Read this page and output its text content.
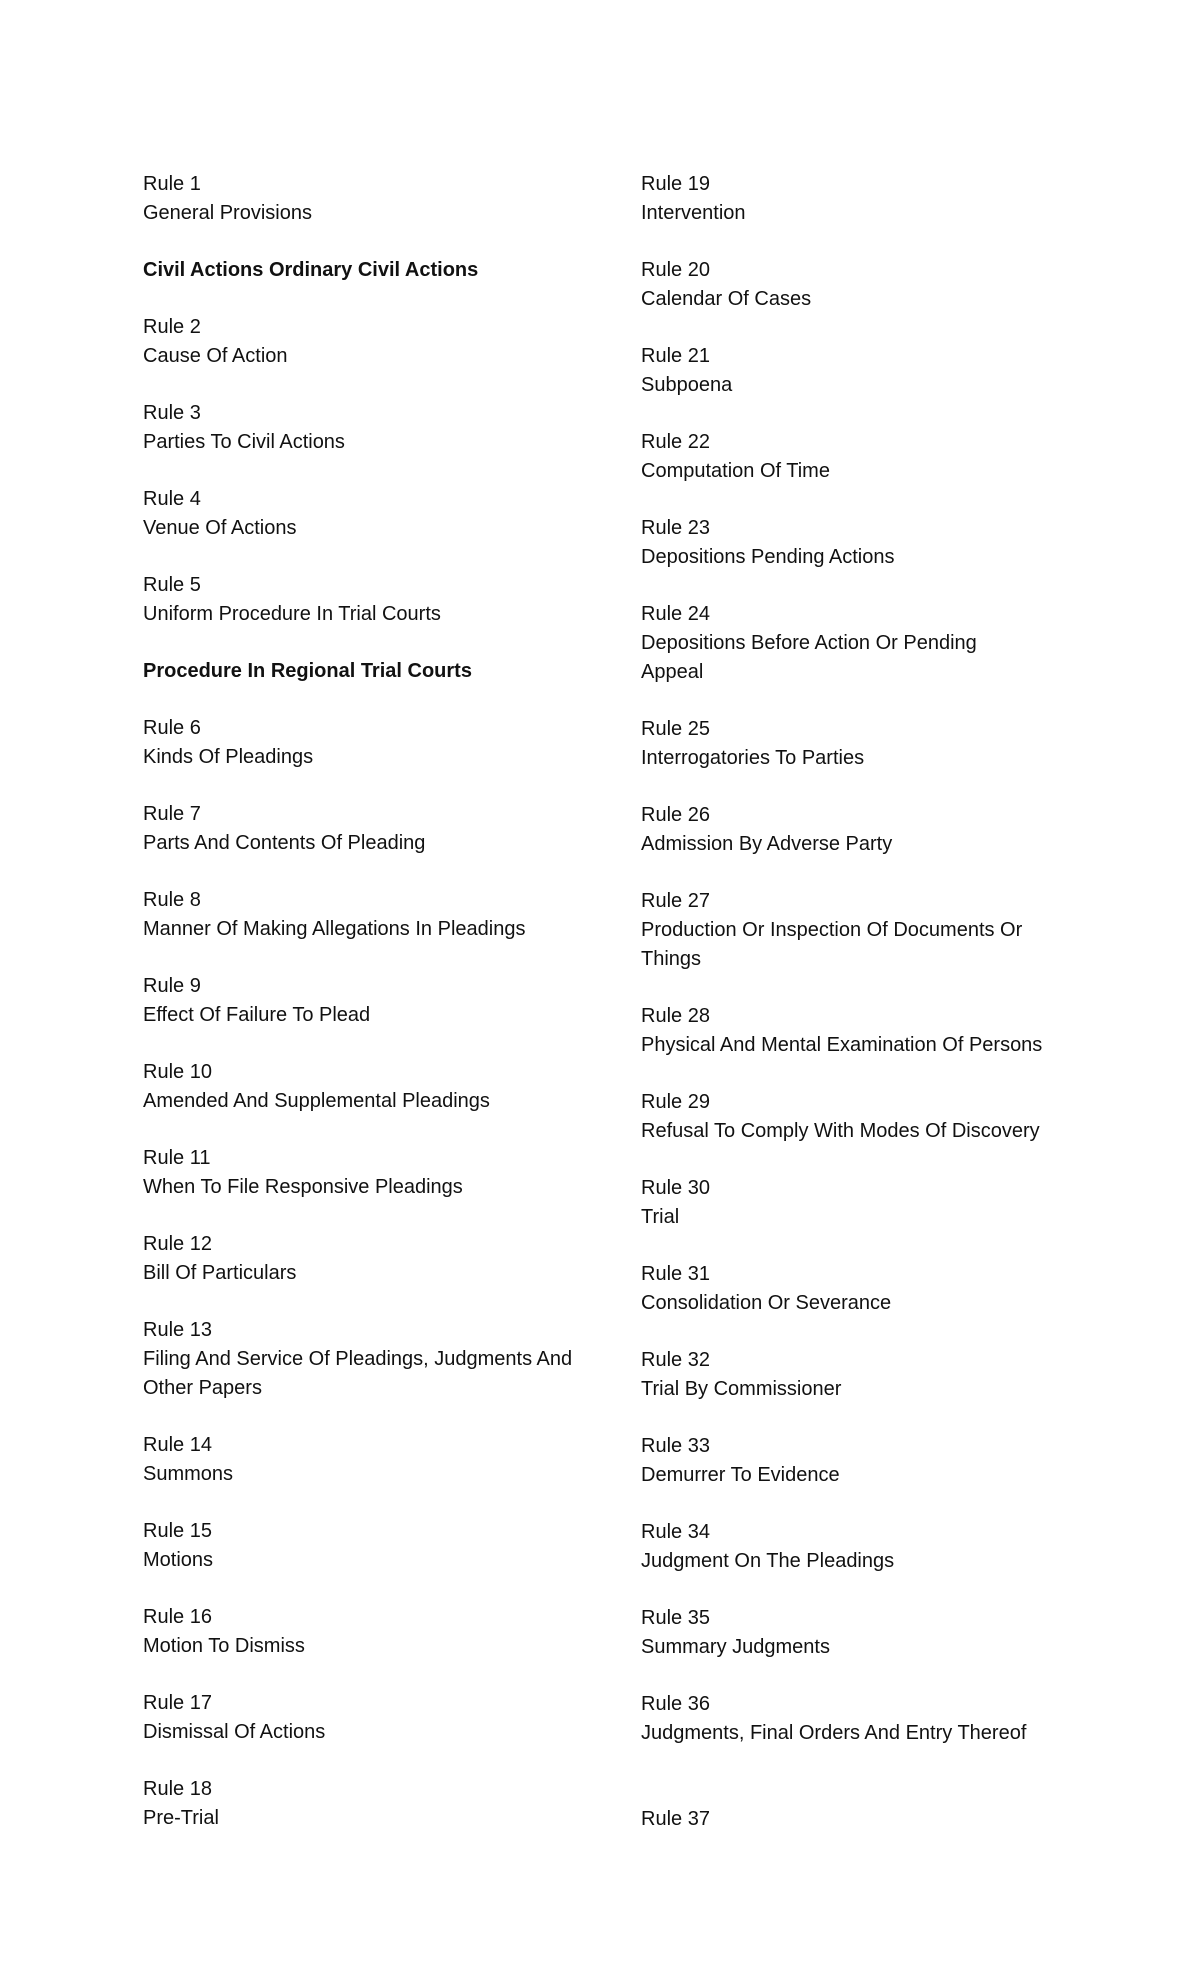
Rule 1
General Provisions
Civil Actions Ordinary Civil Actions
Rule 2
Cause Of Action
Rule 3
Parties To Civil Actions
Rule 4
Venue Of Actions
Rule 5
Uniform Procedure In Trial Courts
Procedure In Regional Trial Courts
Rule 6
Kinds Of Pleadings
Rule 7
Parts And Contents Of Pleading
Rule 8
Manner Of Making Allegations In Pleadings
Rule 9
Effect Of Failure To Plead
Rule 10
Amended And Supplemental Pleadings
Rule 11
When To File Responsive Pleadings
Rule 12
Bill Of Particulars
Rule 13
Filing And Service Of Pleadings, Judgments And Other Papers
Rule 14
Summons
Rule 15
Motions
Rule 16
Motion To Dismiss
Rule 17
Dismissal Of Actions
Rule 18
Pre-Trial
Rule 19
Intervention
Rule 20
Calendar Of Cases
Rule 21
Subpoena
Rule 22
Computation Of Time
Rule 23
Depositions Pending Actions
Rule 24
Depositions Before Action Or Pending Appeal
Rule 25
Interrogatories To Parties
Rule 26
Admission By Adverse Party
Rule 27
Production Or Inspection Of Documents Or Things
Rule 28
Physical And Mental Examination Of Persons
Rule 29
Refusal To Comply With Modes Of Discovery
Rule 30
Trial
Rule 31
Consolidation Or Severance
Rule 32
Trial By Commissioner
Rule 33
Demurrer To Evidence
Rule 34
Judgment On The Pleadings
Rule 35
Summary Judgments
Rule 36
Judgments, Final Orders And Entry Thereof
Rule 37
